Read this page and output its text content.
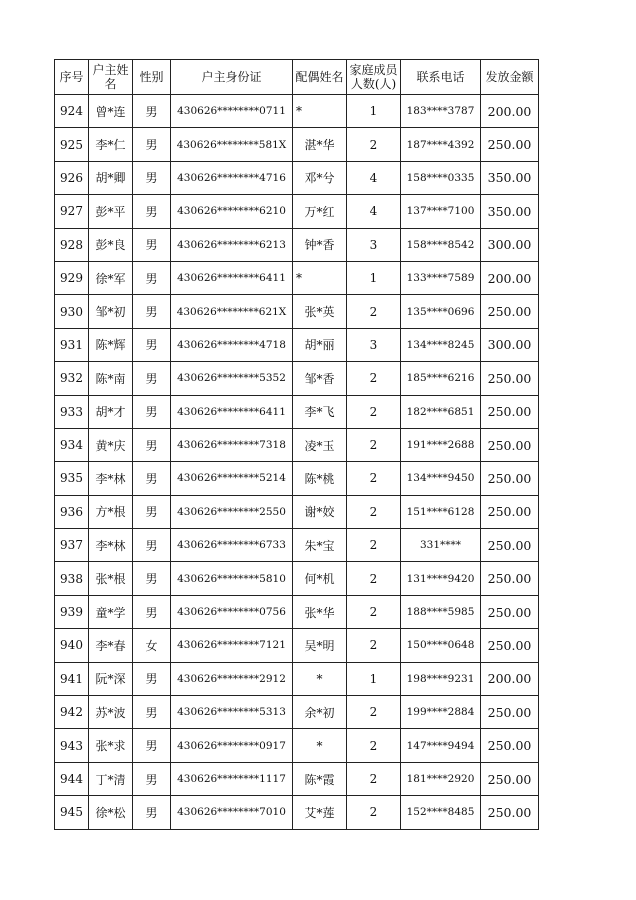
序号	户主姓名	性别	户主身份证	配偶姓名	家庭成员人数(人)	联系电话	发放金额
924	曾*连	男	430626********0711	*	1	183****3787	200.00
925	李*仁	男	430626********581X	湛*华	2	187****4392	250.00
926	胡*卿	男	430626********4716	邓*兮	4	158****0335	350.00
927	彭*平	男	430626********6210	万*红	4	137****7100	350.00
928	彭*良	男	430626********6213	钟*香	3	158****8542	300.00
929	徐*军	男	430626********6411	*	1	133****7589	200.00
930	邹*初	男	430626********621X	张*英	2	135****0696	250.00
931	陈*辉	男	430626********4718	胡*丽	3	134****8245	300.00
932	陈*南	男	430626********5352	邹*香	2	185****6216	250.00
933	胡*才	男	430626********6411	李*飞	2	182****6851	250.00
934	黄*庆	男	430626********7318	凌*玉	2	191****2688	250.00
935	李*林	男	430626********5214	陈*桃	2	134****9450	250.00
936	方*根	男	430626********2550	谢*姣	2	151****6128	250.00
937	李*林	男	430626********6733	朱*宝	2	331****	250.00
938	张*根	男	430626********5810	何*机	2	131****9420	250.00
939	童*学	男	430626********0756	张*华	2	188****5985	250.00
940	李*春	女	430626********7121	吴*明	2	150****0648	250.00
941	阮*深	男	430626********2912	*	1	198****9231	200.00
942	苏*波	男	430626********5313	余*初	2	199****2884	250.00
943	张*求	男	430626********0917	*	2	147****9494	250.00
944	丁*清	男	430626********1117	陈*霞	2	181****2920	250.00
945	徐*松	男	430626********7010	艾*莲	2	152****8485	250.00
